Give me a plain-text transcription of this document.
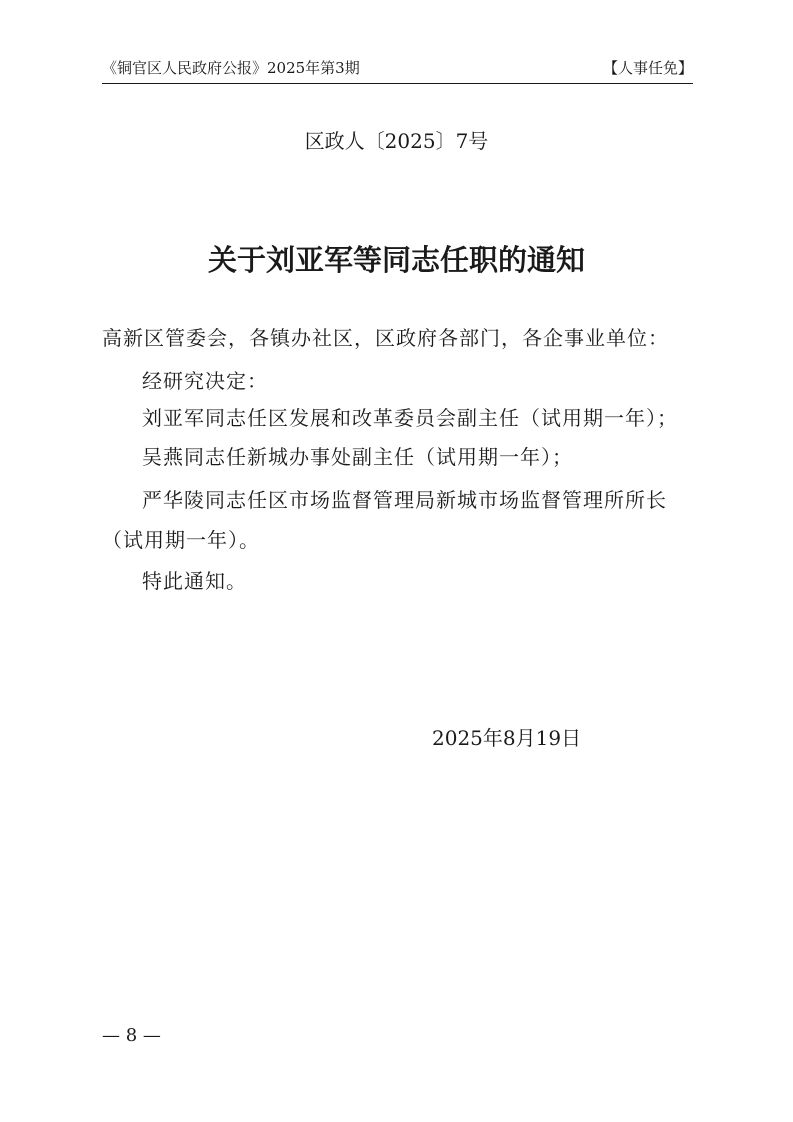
《铜官区人民政府公报》2025年第3期	【人事任免】
区政人〔2025〕7号
关于刘亚军等同志任职的通知
高新区管委会，各镇办社区，区政府各部门，各企事业单位：
经研究决定：
刘亚军同志任区发展和改革委员会副主任（试用期一年）；
吴燕同志任新城办事处副主任（试用期一年）；
严华陵同志任区市场监督管理局新城市场监督管理所所长
（试用期一年）。
特此通知。
2025年8月19日
— 8 —
